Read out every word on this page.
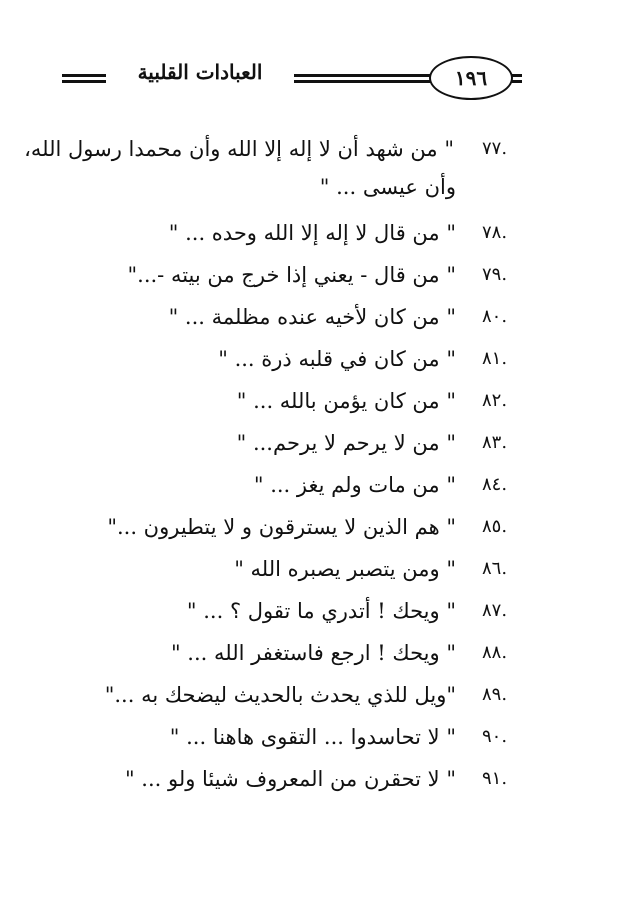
العبادات القلبية	١٩٦
.٧٧
" من شهد أن لا إله إلا الله وأن محمدا رسول الله،
وأن عيسى ... "
.٧٨
" من قال لا إله إلا الله وحده ... "
.٧٩
" من قال - يعني إذا خرج من بيته -..."
.٨٠
" من كان لأخيه عنده مظلمة ... "
.٨١
" من كان في قلبه ذرة ... "
.٨٢
" من كان يؤمن بالله ... "
.٨٣
" من لا يرحم لا يرحم... "
.٨٤
" من مات ولم يغز ... "
.٨٥
" هم الذين لا يسترقون و لا يتطيرون ..."
.٨٦
" ومن يتصبر يصبره الله "
.٨٧
" ويحك ! أتدري ما تقول ؟ ... "
.٨٨
" ويحك ! ارجع فاستغفر الله ... "
.٨٩
"ويل للذي يحدث بالحديث ليضحك به ..."
.٩٠
" لا تحاسدوا ... التقوى هاهنا ... "
.٩١
" لا تحقرن من المعروف شيئا ولو ... "
